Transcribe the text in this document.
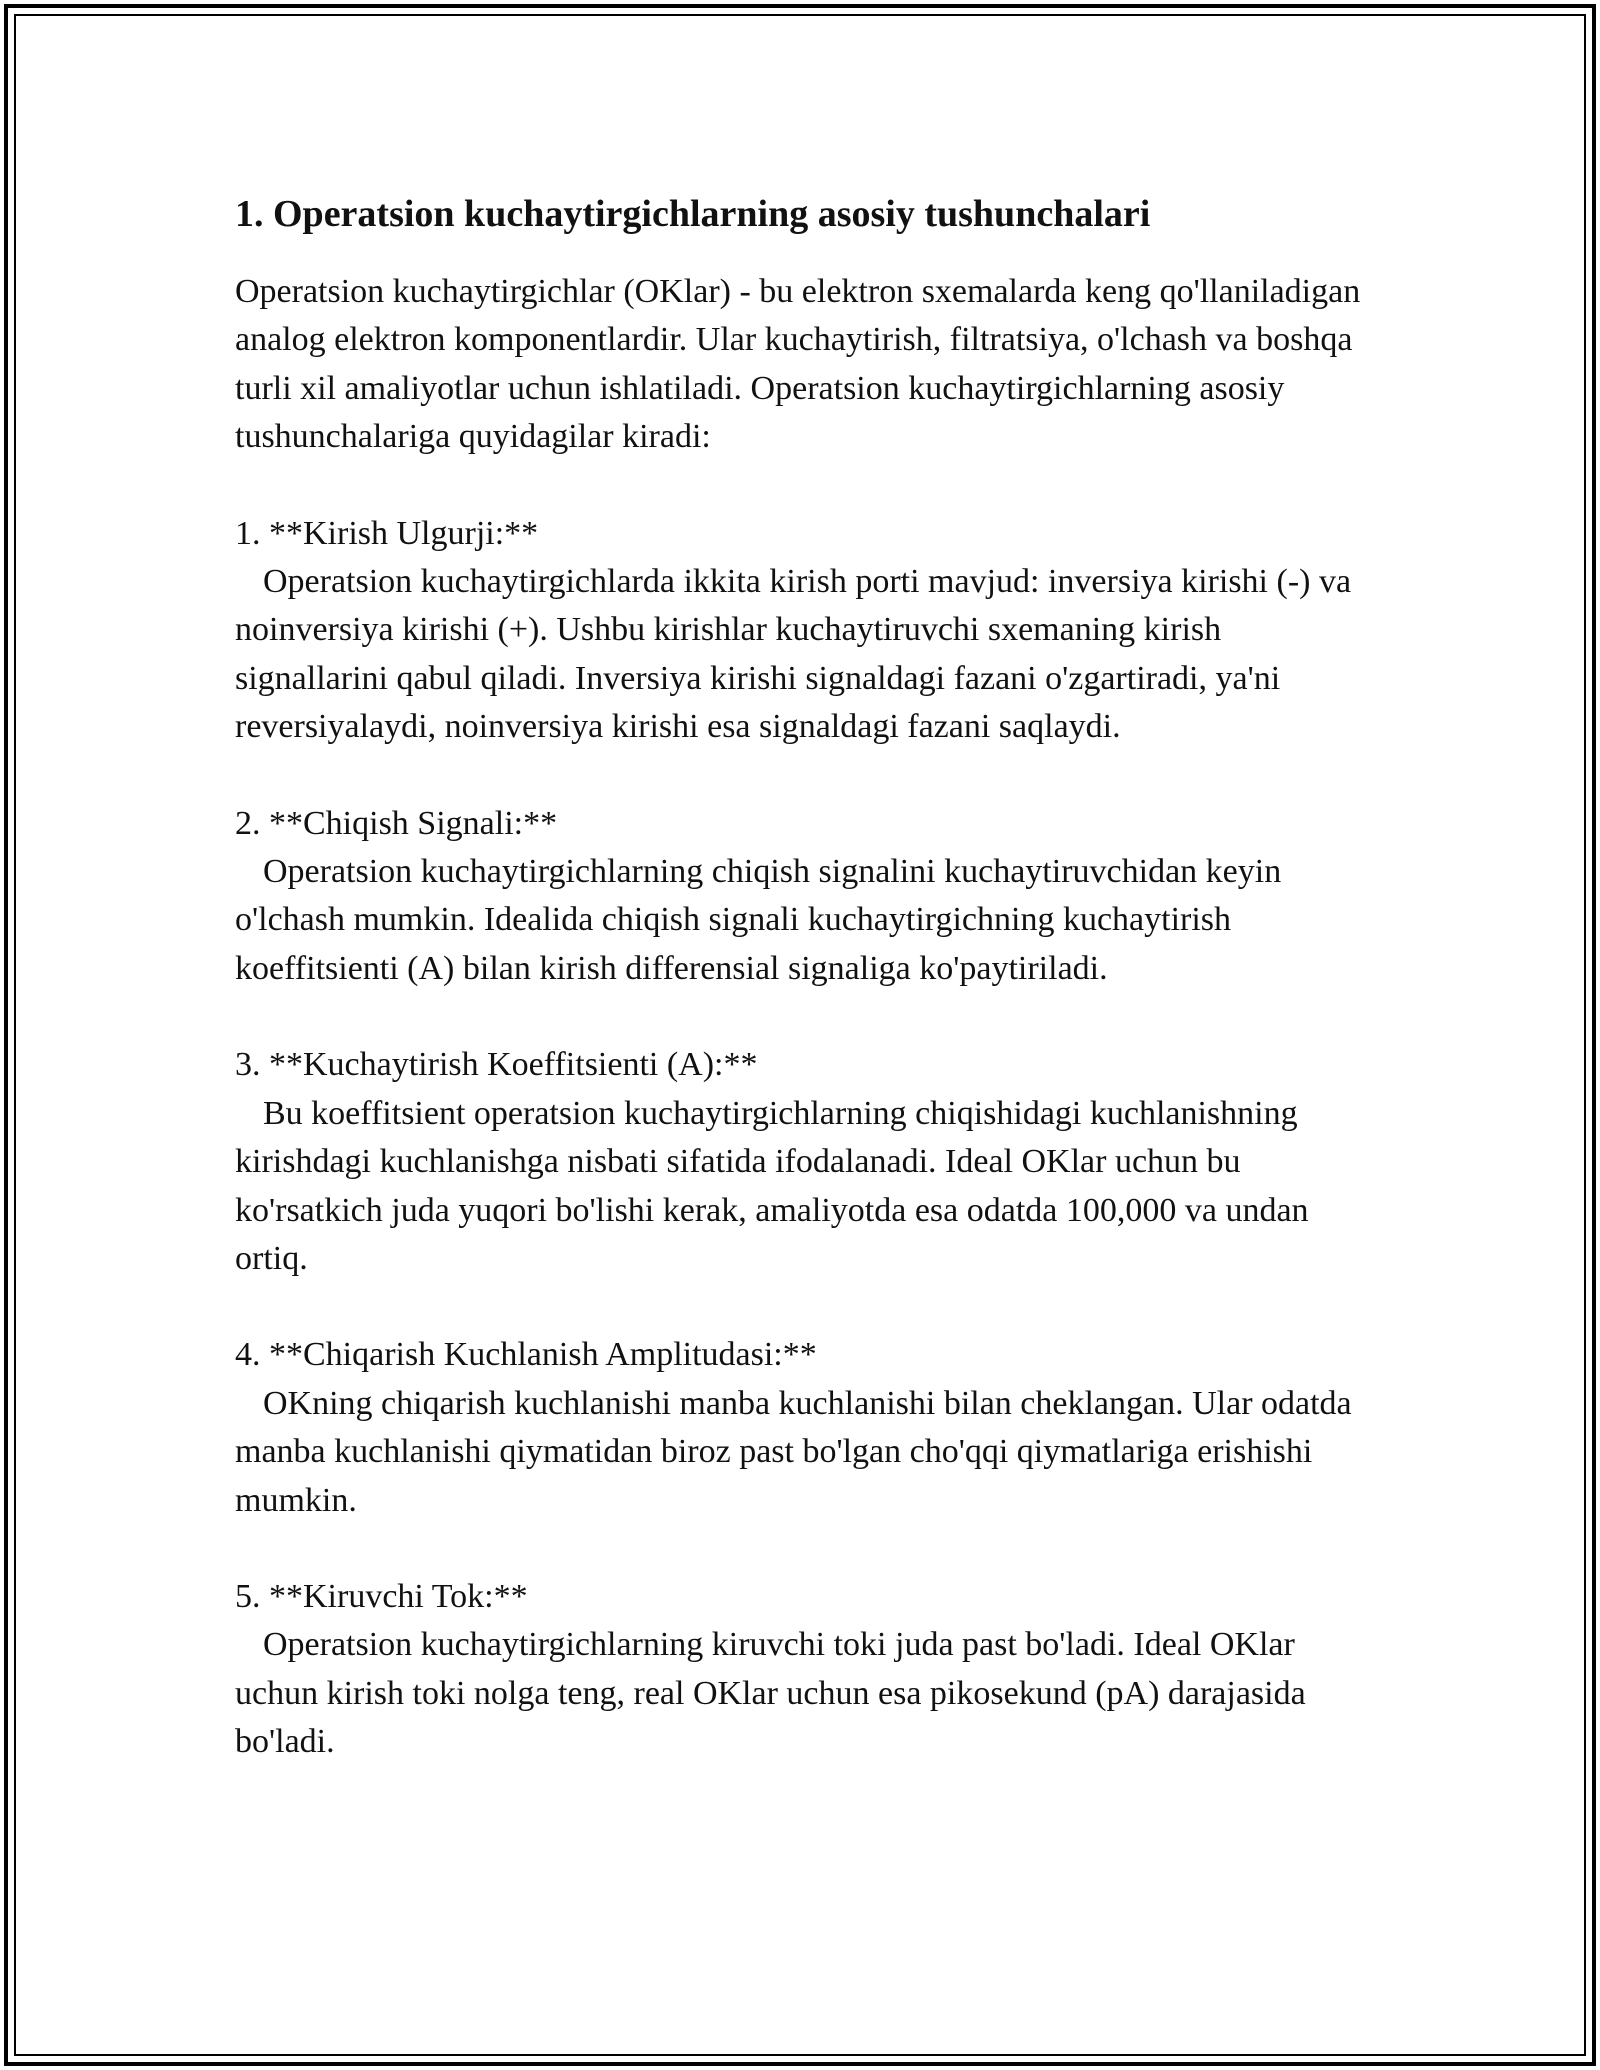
1. Operatsion kuchaytirgichlarning asosiy tushunchalari

Operatsion kuchaytirgichlar (OKlar) - bu elektron sxemalarda keng qo'llaniladigan analog elektron komponentlardir. Ular kuchaytirish, filtratsiya, o'lchash va boshqa turli xil amaliyotlar uchun ishlatiladi. Operatsion kuchaytirgichlarning asosiy tushunchalariga quyidagilar kiradi:

1. **Kirish Ulgurji:**

Operatsion kuchaytirgichlarda ikkita kirish porti mavjud: inversiya kirishi (-) va noinversiya kirishi (+). Ushbu kirishlar kuchaytiruvchi sxemaning kirish signallarini qabul qiladi. Inversiya kirishi signaldagi fazani o'zgartiradi, ya'ni reversiyalaydi, noinversiya kirishi esa signaldagi fazani saqlaydi.

2. **Chiqish Signali:**

Operatsion kuchaytirgichlarning chiqish signalini kuchaytiruvchidan keyin o'lchash mumkin. Idealida chiqish signali kuchaytirgichning kuchaytirish koeffitsienti (A) bilan kirish differensial signaliga ko'paytiriladi.

3. **Kuchaytirish Koeffitsienti (A):**

Bu koeffitsient operatsion kuchaytirgichlarning chiqishidagi kuchlanishning kirishdagi kuchlanishga nisbati sifatida ifodalanadi. Ideal OKlar uchun bu ko'rsatkich juda yuqori bo'lishi kerak, amaliyotda esa odatda 100,000 va undan ortiq.

4. **Chiqarish Kuchlanish Amplitudasi:**

OKning chiqarish kuchlanishi manba kuchlanishi bilan cheklangan. Ular odatda manba kuchlanishi qiymatidan biroz past bo'lgan cho'qqi qiymatlariga erishishi mumkin.

5. **Kiruvchi Tok:**

Operatsion kuchaytirgichlarning kiruvchi toki juda past bo'ladi. Ideal OKlar uchun kirish toki nolga teng, real OKlar uchun esa pikosekund (pA) darajasida bo'ladi.
